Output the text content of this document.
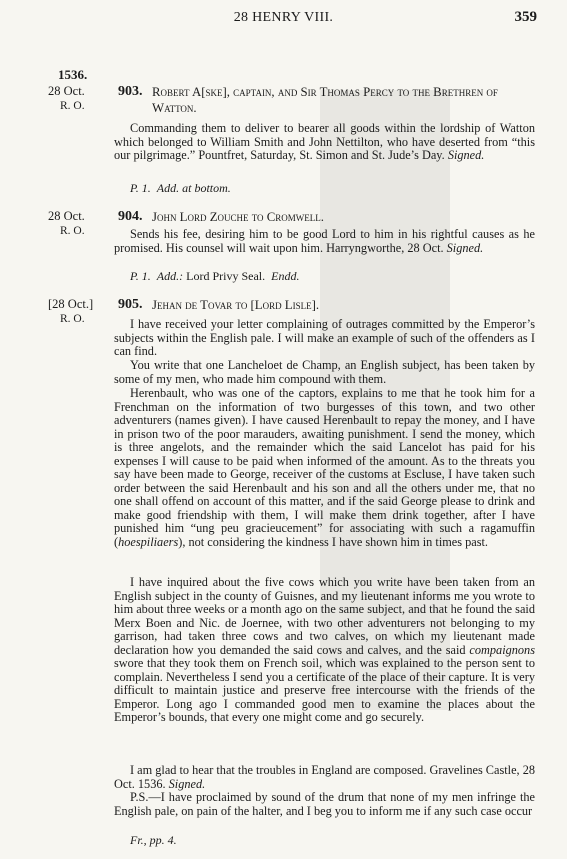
28 HENRY VIII.	359
1536.
28 Oct.
R. O.
903. Robert A[ske], captain, and Sir Thomas Percy to the Brethren of Watton.
Commanding them to deliver to bearer all goods within the lordship of Watton which belonged to William Smith and John Nettilton, who have deserted from “this our pilgrimage.” Pountfret, Saturday, St. Simon and St. Jude’s Day. Signed.
P. 1. Add. at bottom.
28 Oct.
R. O.
904. John Lord Zouche to Cromwell.
Sends his fee, desiring him to be good Lord to him in his rightful causes as he promised. His counsel will wait upon him. Harryngworthe, 28 Oct. Signed.
P. 1. Add.: Lord Privy Seal. Endd.
[28 Oct.]
R. O.
905. Jehan de Tovar to [Lord Lisle].
I have received your letter complaining of outrages committed by the Emperor’s subjects within the English pale. I will make an example of such of the offenders as I can find.
You write that one Lancheloet de Champ, an English subject, has been taken by some of my men, who made him compound with them.
Herenbault, who was one of the captors, explains to me that he took him for a Frenchman on the information of two burgesses of this town, and two other adventurers (names given). I have caused Herenbault to repay the money, and I have in prison two of the poor marauders, awaiting punishment. I send the money, which is three angelots, and the remainder which the said Lancelot has paid for his expenses I will cause to be paid when informed of the amount. As to the threats you say have been made to George, receiver of the customs at Escluse, I have taken such order between the said Herenbault and his son and all the others under me, that no one shall offend on account of this matter, and if the said George please to drink and make good friendship with them, I will make them drink together, after I have punished him “ung peu gracieucement” for associating with such a ragamuffin (hoespiliaers), not considering the kindness I have shown him in times past.
I have inquired about the five cows which you write have been taken from an English subject in the county of Guisnes, and my lieutenant informs me you wrote to him about three weeks or a month ago on the same subject, and that he found the said Merx Boen and Nic. de Joernee, with two other adventurers not belonging to my garrison, had taken three cows and two calves, on which my lieutenant made declaration how you demanded the said cows and calves, and the said compaignons swore that they took them on French soil, which was explained to the person sent to complain. Nevertheless I send you a certificate of the place of their capture. It is very difficult to maintain justice and preserve free intercourse with the friends of the Emperor. Long ago I commanded good men to examine the places about the Emperor’s bounds, that every one might come and go securely.
I am glad to hear that the troubles in England are composed. Gravelines Castle, 28 Oct. 1536. Signed.
P.S.—I have proclaimed by sound of the drum that none of my men infringe the English pale, on pain of the halter, and I beg you to inform me if any such case occur
Fr., pp. 4.
